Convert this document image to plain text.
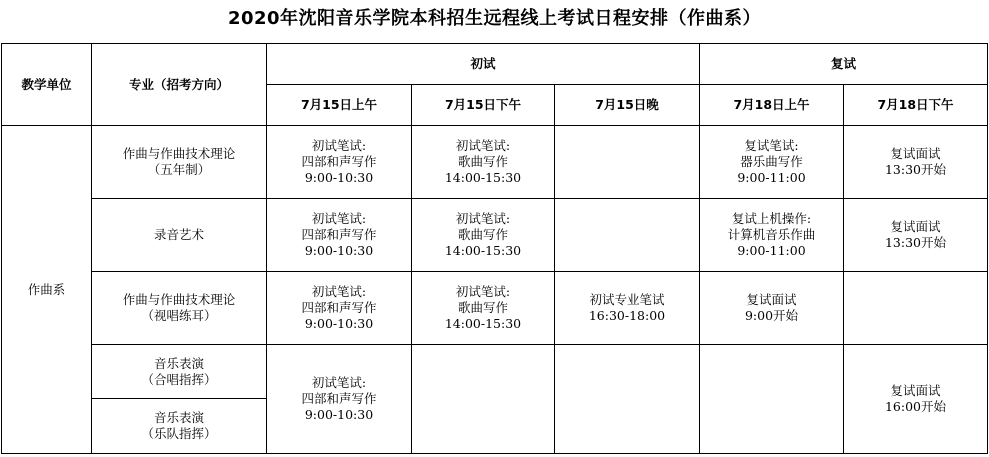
2020年沈阳音乐学院本科招生远程线上考试日程安排（作曲系）
教学单位	专业（招考方向）	初试			复试	
		7月15日上午	7月15日下午	7月15日晚	7月18日上午	7月18日下午
作曲系	作曲与作曲技术理论
（五年制）	初试笔试:
四部和声写作
9:00-10:30	初试笔试:
歌曲写作
14:00-15:30		复试笔试:
器乐曲写作
9:00-11:00	复试面试
13:30开始

	录音艺术	初试笔试:
四部和声写作
9:00-10:30	初试笔试:
歌曲写作
14:00-15:30		复试上机操作:
计算机音乐作曲
9:00-11:00	复试面试
13:30开始

	作曲与作曲技术理论
（视唱练耳）	初试笔试:
四部和声写作
9:00-10:30	初试笔试:
歌曲写作
14:00-15:30	初试专业笔试
16:30-18:00	复试面试
9:00开始	

	音乐表演
（合唱指挥）	初试笔试:
四部和声写作
9:00-10:30				复试面试
16:00开始

	音乐表演
（乐队指挥）					
